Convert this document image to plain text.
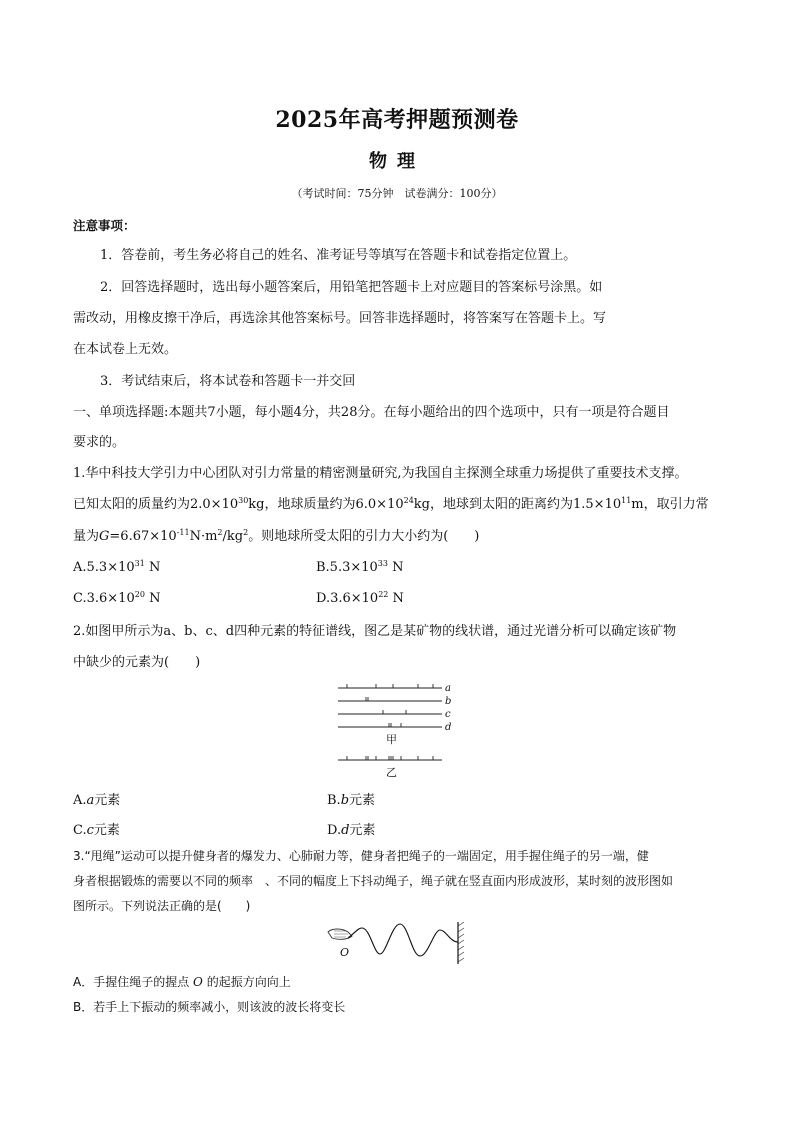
2025年高考押题预测卷
物理
（考试时间：75分钟　试卷满分：100分）
注意事项：
1．答卷前，考生务必将自己的姓名、准考证号等填写在答题卡和试卷指定位置上。
2．回答选择题时，选出每小题答案后，用铅笔把答题卡上对应题目的答案标号涂黑。如
需改动，用橡皮擦干净后，再选涂其他答案标号。回答非选择题时，将答案写在答题卡上。写
在本试卷上无效。
3．考试结束后，将本试卷和答题卡一并交回
一、单项选择题:本题共7小题，每小题4分，共28分。在每小题给出的四个选项中，只有一项是符合题目
要求的。
1.华中科技大学引力中心团队对引力常量的精密测量研究,为我国自主探测全球重力场提供了重要技术支撑。
已知太阳的质量约为$2.0\times 10^{30}kg$，地球质量约为$6.0\times 10^{24}kg$，地球到太阳的距离约为$1.5\times 10^{11}m$，取引力常
量为$G=6.67\times 10^{-11}N\cdot m^2/kg^2$。则地球所受太阳的引力大小约为(　　)
$A.5.3\times 10^{31}$ N	$B.5.3\times 10^{33}$ N
$C.3.6\times 10^{20}$ N	$D.3.6\times 10^{22}$ N
2.如图甲所示为a、b、c、d四种元素的特征谱线，图乙是某矿物的线状谱，通过光谱分析可以确定该矿物
中缺少的元素为(　　)
a
b
c
d
甲
乙
A.a元素	B.b元素
C.c元素	D.d元素
3.“甩绳”运动可以提升健身者的爆发力、心肺耐力等，健身者把绳子的一端固定，用手握住绳子的另一端，健
身者根据锻炼的需要以不同的频率　、不同的幅度上下抖动绳子，绳子就在竖直面内形成波形，某时刻的波形图如
图所示。下列说法正确的是(　　)
O
A．手握住绳子的握点 O 的起振方向向上
B．若手上下振动的频率减小，则该波的波长将变长
